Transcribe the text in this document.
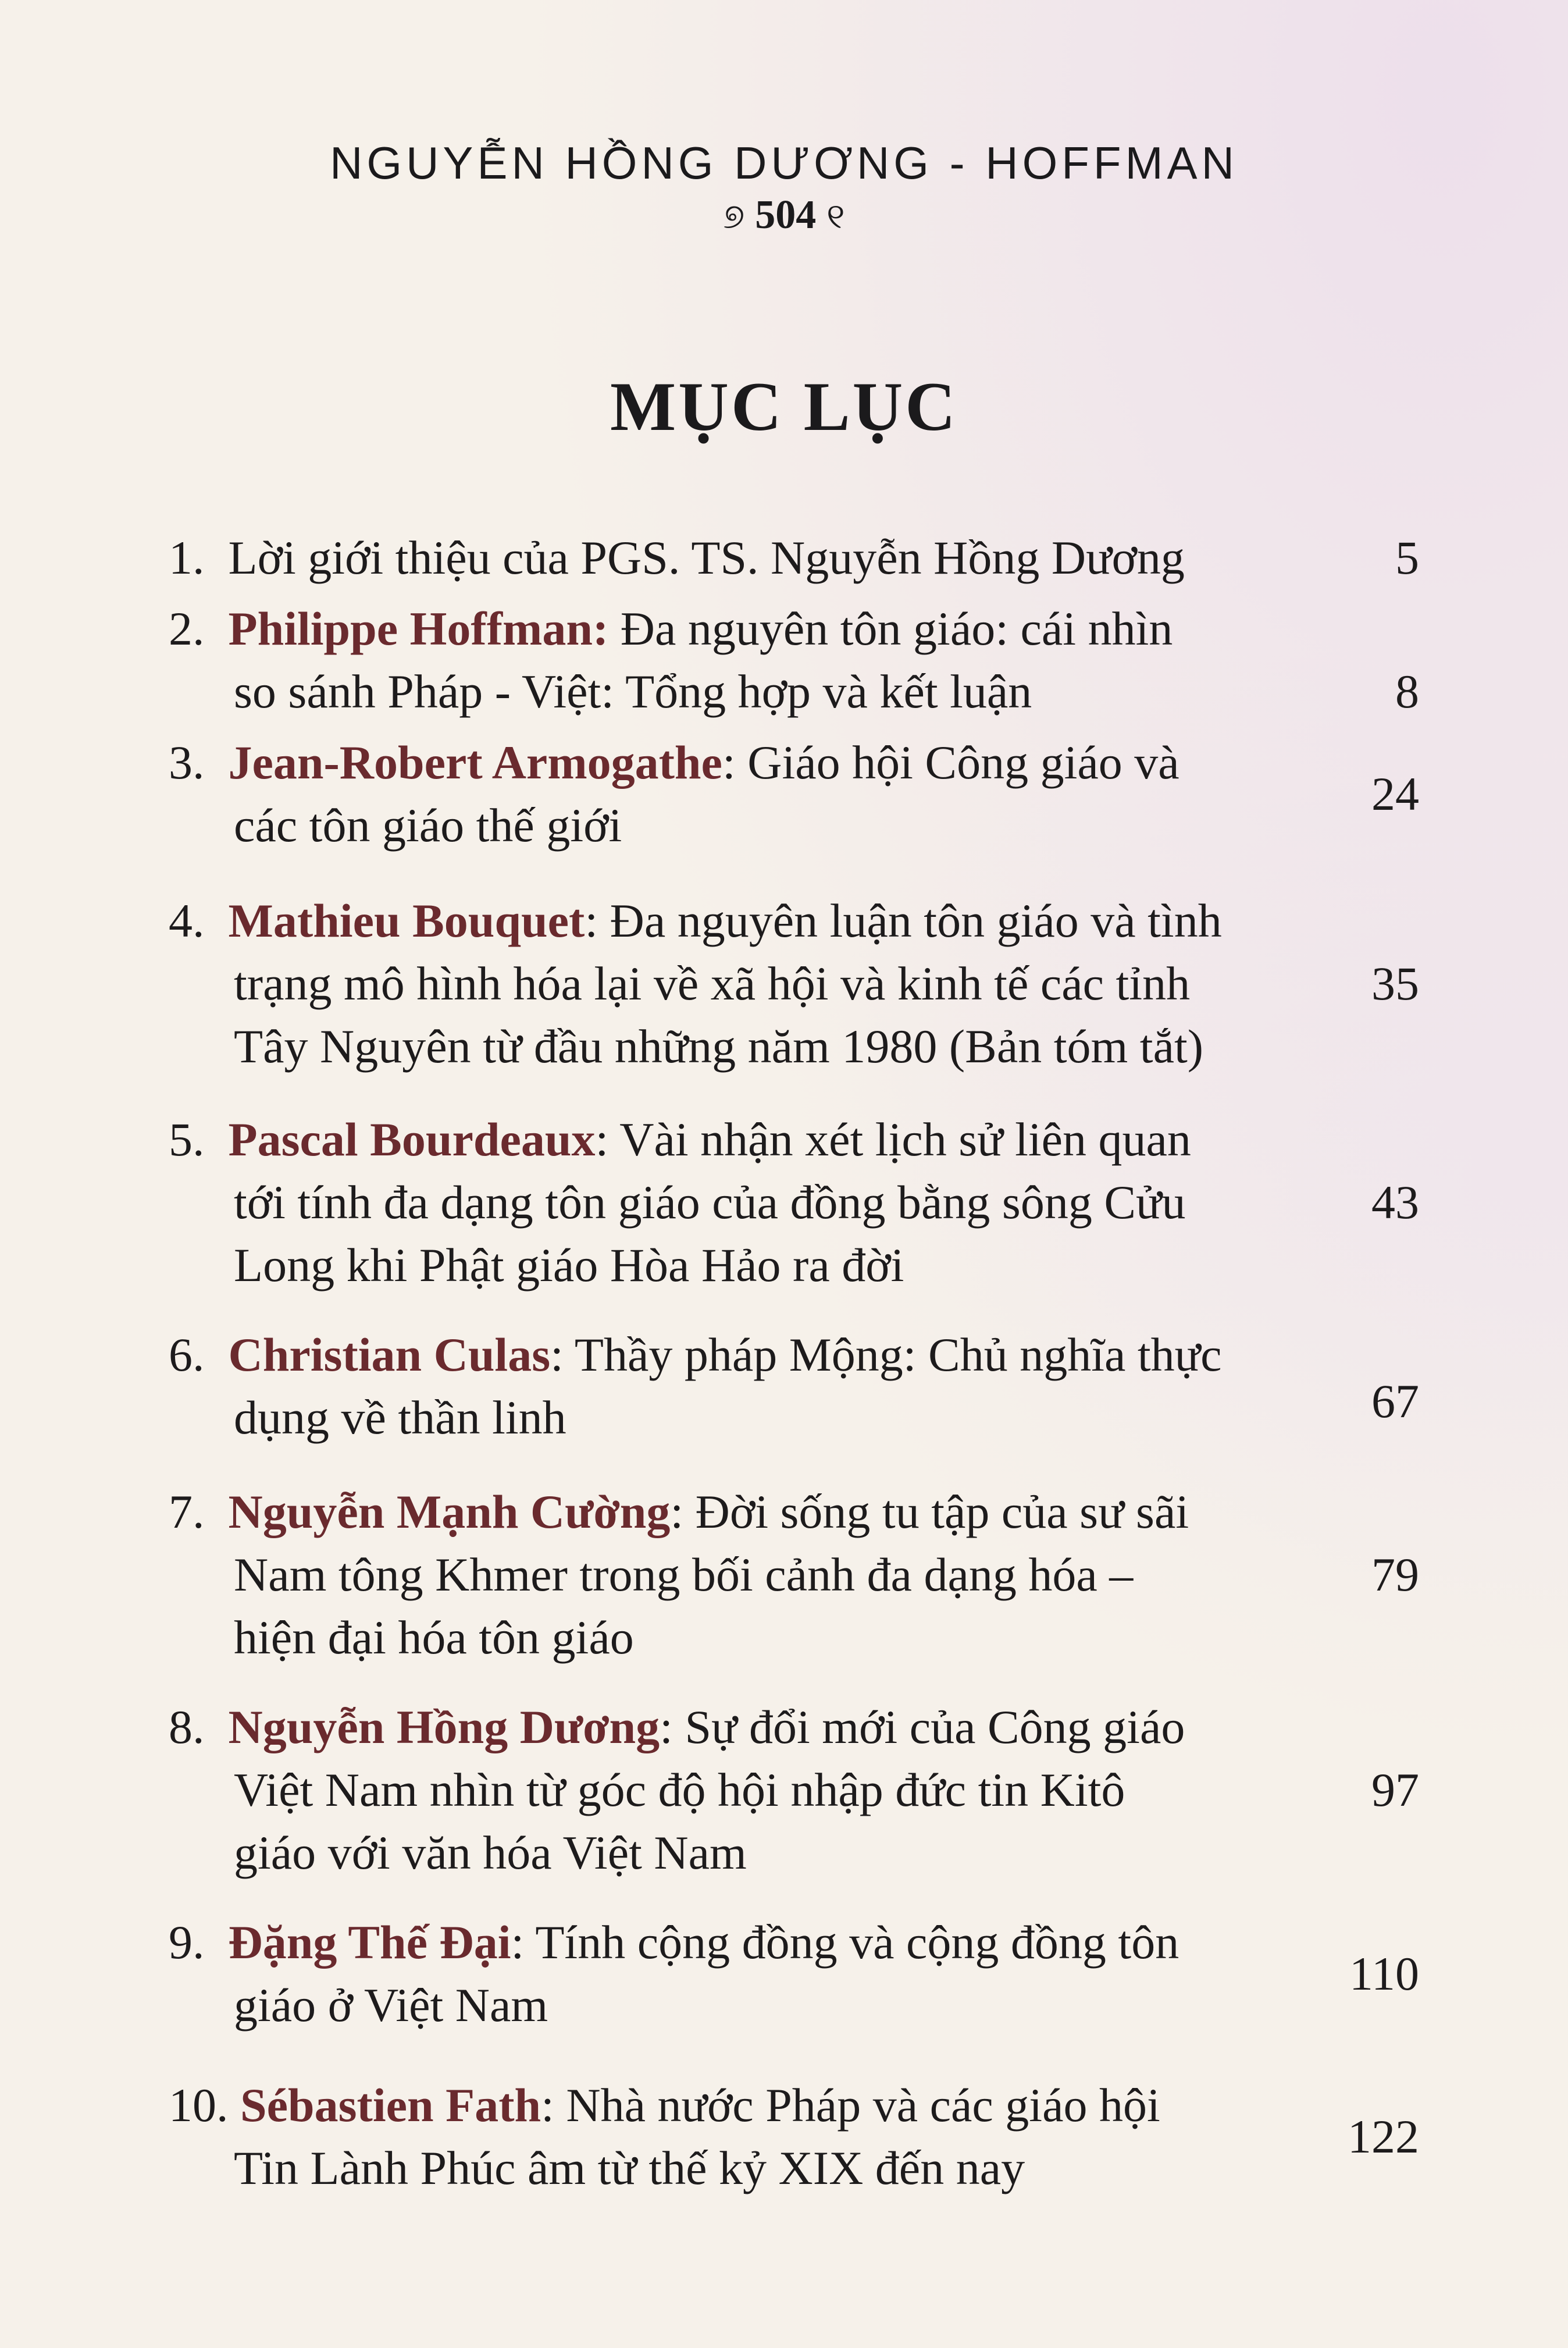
NGUYỄN HỒNG DƯƠNG - HOFFMAN
୭ 504 ୧
MỤC LỤC
1. Lời giới thiệu của PGS. TS. Nguyễn Hồng Dương	5
2. Philippe Hoffman: Đa nguyên tôn giáo: cái nhìn
so sánh Pháp - Việt: Tổng hợp và kết luận	8
3. Jean-Robert Armogathe: Giáo hội Công giáo và
các tôn giáo thế giới
24
4. Mathieu Bouquet: Đa nguyên luận tôn giáo và tình
trạng mô hình hóa lại về xã hội và kinh tế các tỉnh
Tây Nguyên từ đầu những năm 1980 (Bản tóm tắt)
35
5. Pascal Bourdeaux: Vài nhận xét lịch sử liên quan
tới tính đa dạng tôn giáo của đồng bằng sông Cửu
Long khi Phật giáo Hòa Hảo ra đời
43
6. Christian Culas: Thầy pháp Mộng: Chủ nghĩa thực
dụng về thần linh	67
7. Nguyễn Mạnh Cường: Đời sống tu tập của sư sãi
Nam tông Khmer trong bối cảnh đa dạng hóa –
hiện đại hóa tôn giáo
79
8. Nguyễn Hồng Dương: Sự đổi mới của Công giáo
Việt Nam nhìn từ góc độ hội nhập đức tin Kitô
giáo với văn hóa Việt Nam
97
9. Đặng Thế Đại: Tính cộng đồng và cộng đồng tôn
giáo ở Việt Nam
110
10. Sébastien Fath: Nhà nước Pháp và các giáo hội
Tin Lành Phúc âm từ thế kỷ XIX đến nay
122
